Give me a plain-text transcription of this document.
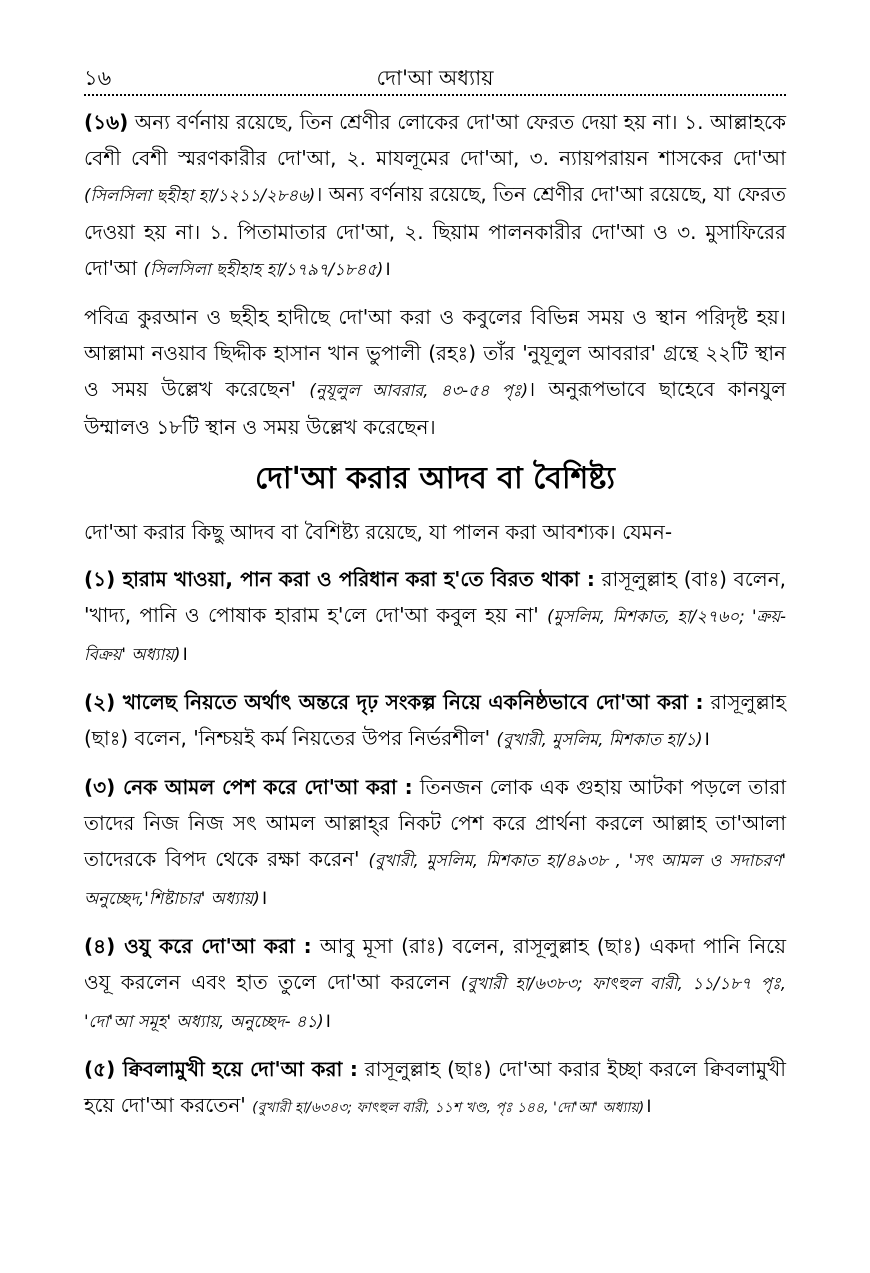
১৬	দো'আ অধ্যায়

(১৬) অন্য বর্ণনায় রয়েছে, তিন শ্রেণীর লোকের দো'আ ফেরত দেয়া হয় না। ১. আল্লাহকে বেশী বেশী স্মরণকারীর দো'আ, ২. মাযলূমের দো'আ, ৩. ন্যায়পরায়ন শাসকের দো'আ (সিলসিলা ছহীহা হা/১২১১/২৮৪৬)। অন্য বর্ণনায় রয়েছে, তিন শ্রেণীর দো'আ রয়েছে, যা ফেরত দেওয়া হয় না। ১. পিতামাতার দো'আ, ২. ছিয়াম পালনকারীর দো'আ ও ৩. মুসাফিরের দো'আ (সিলসিলা ছহীহাহ হা/১৭৯৭/১৮৪৫)।

পবিত্র কুরআন ও ছহীহ হাদীছে দো'আ করা ও কবুলের বিভিন্ন সময় ও স্থান পরিদৃষ্ট হয়। আল্লামা নওয়াব ছিদ্দীক হাসান খান ভুপালী (রহঃ) তাঁর 'নুযূলুল আবরার' গ্রন্থে ২২টি স্থান ও সময় উল্লেখ করেছেন' (নুযূলুল আবরার, ৪৩-৫৪ পৃঃ)। অনুরূপভাবে ছাহেবে কানযুল উম্মালও ১৮টি স্থান ও সময় উল্লেখ করেছেন।

দো'আ করার আদব বা বৈশিষ্ট্য

দো'আ করার কিছু আদব বা বৈশিষ্ট্য রয়েছে, যা পালন করা আবশ্যক। যেমন-

(১) হারাম খাওয়া, পান করা ও পরিধান করা হ'তে বিরত থাকা : রাসূলুল্লাহ (বাঃ) বলেন, 'খাদ্য, পানি ও পোষাক হারাম হ'লে দো'আ কবুল হয় না' (মুসলিম, মিশকাত, হা/২৭৬০; 'ক্রয়-বিক্রয়' অধ্যায়)।

(২) খালেছ নিয়তে অর্থাৎ অন্তরে দৃঢ় সংকল্প নিয়ে একনিষ্ঠভাবে দো'আ করা : রাসূলুল্লাহ (ছাঃ) বলেন, 'নিশ্চয়ই কর্ম নিয়তের উপর নির্ভরশীল' (বুখারী, মুসলিম, মিশকাত হা/১)।

(৩) নেক আমল পেশ করে দো'আ করা : তিনজন লোক এক গুহায় আটকা পড়লে তারা তাদের নিজ নিজ সৎ আমল আল্লাহ্‌র নিকট পেশ করে প্রার্থনা করলে আল্লাহ তা'আলা তাদেরকে বিপদ থেকে রক্ষা করেন' (বুখারী, মুসলিম, মিশকাত হা/৪৯৩৮ , 'সৎ আমল ও সদাচরণ' অনুচ্ছেদ,'শিষ্টাচার' অধ্যায়)।

(৪) ওযু করে দো'আ করা : আবু মূসা (রাঃ) বলেন, রাসূলুল্লাহ (ছাঃ) একদা পানি নিয়ে ওযূ করলেন এবং হাত তুলে দো'আ করলেন (বুখারী হা/৬৩৮৩; ফাৎহুল বারী, ১১/১৮৭ পৃঃ, 'দো'আ সমূহ' অধ্যায়, অনুচ্ছেদ- ৪১)।

(৫) ক্বিবলামুখী হয়ে দো'আ করা : রাসূলুল্লাহ (ছাঃ) দো'আ করার ইচ্ছা করলে ক্বিবলামুখী হয়ে দো'আ করতেন' (বুখারী হা/৬৩৪৩; ফাৎহুল বারী, ১১শ খণ্ড, পৃঃ ১৪৪, 'দো'আ' অধ্যায়)।
